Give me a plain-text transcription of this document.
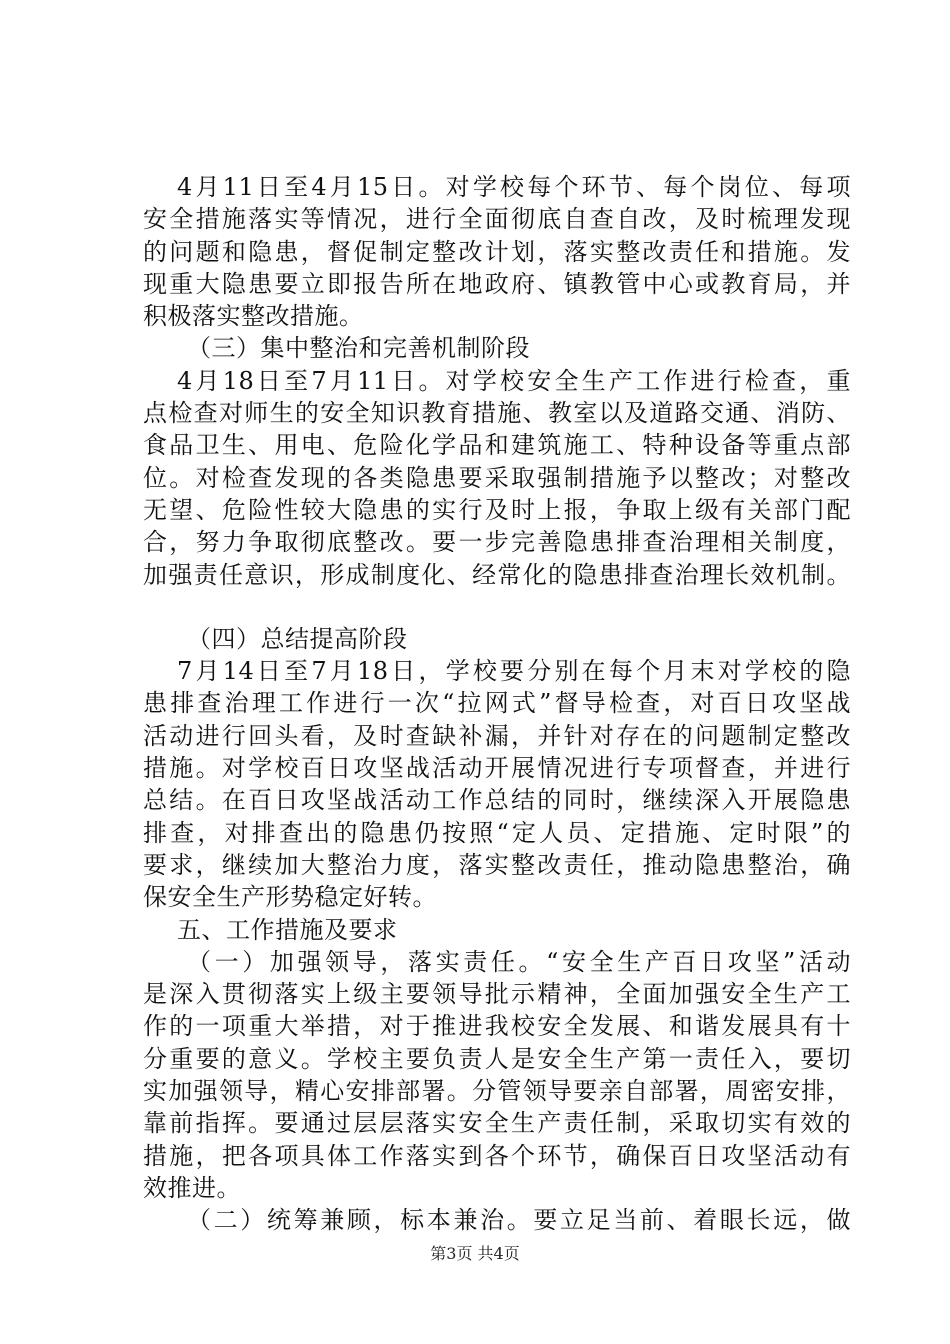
4月11日至4月15日。对学校每个环节、每个岗位、每项
安全措施落实等情况，进行全面彻底自查自改，及时梳理发现
的问题和隐患，督促制定整改计划，落实整改责任和措施。发
现重大隐患要立即报告所在地政府、镇教管中心或教育局，并
积极落实整改措施。
（三）集中整治和完善机制阶段
4月18日至7月11日。对学校安全生产工作进行检查，重
点检查对师生的安全知识教育措施、教室以及道路交通、消防、
食品卫生、用电、危险化学品和建筑施工、特种设备等重点部
位。对检查发现的各类隐患要采取强制措施予以整改；对整改
无望、危险性较大隐患的实行及时上报，争取上级有关部门配
合，努力争取彻底整改。要一步完善隐患排查治理相关制度，
加强责任意识，形成制度化、经常化的隐患排查治理长效机制。
（四）总结提高阶段
7月14日至7月18日，学校要分别在每个月末对学校的隐
患排查治理工作进行一次“拉网式”督导检查，对百日攻坚战
活动进行回头看，及时查缺补漏，并针对存在的问题制定整改
措施。对学校百日攻坚战活动开展情况进行专项督查，并进行
总结。在百日攻坚战活动工作总结的同时，继续深入开展隐患
排查，对排查出的隐患仍按照“定人员、定措施、定时限”的
要求，继续加大整治力度，落实整改责任，推动隐患整治，确
保安全生产形势稳定好转。
五、工作措施及要求
（一）加强领导，落实责任。“安全生产百日攻坚”活动
是深入贯彻落实上级主要领导批示精神，全面加强安全生产工
作的一项重大举措，对于推进我校安全发展、和谐发展具有十
分重要的意义。学校主要负责人是安全生产第一责任入，要切
实加强领导，精心安排部署。分管领导要亲自部署，周密安排，
靠前指挥。要通过层层落实安全生产责任制，采取切实有效的
措施，把各项具体工作落实到各个环节，确保百日攻坚活动有
效推进。
（二）统筹兼顾，标本兼治。要立足当前、着眼长远，做
第3页 共4页
